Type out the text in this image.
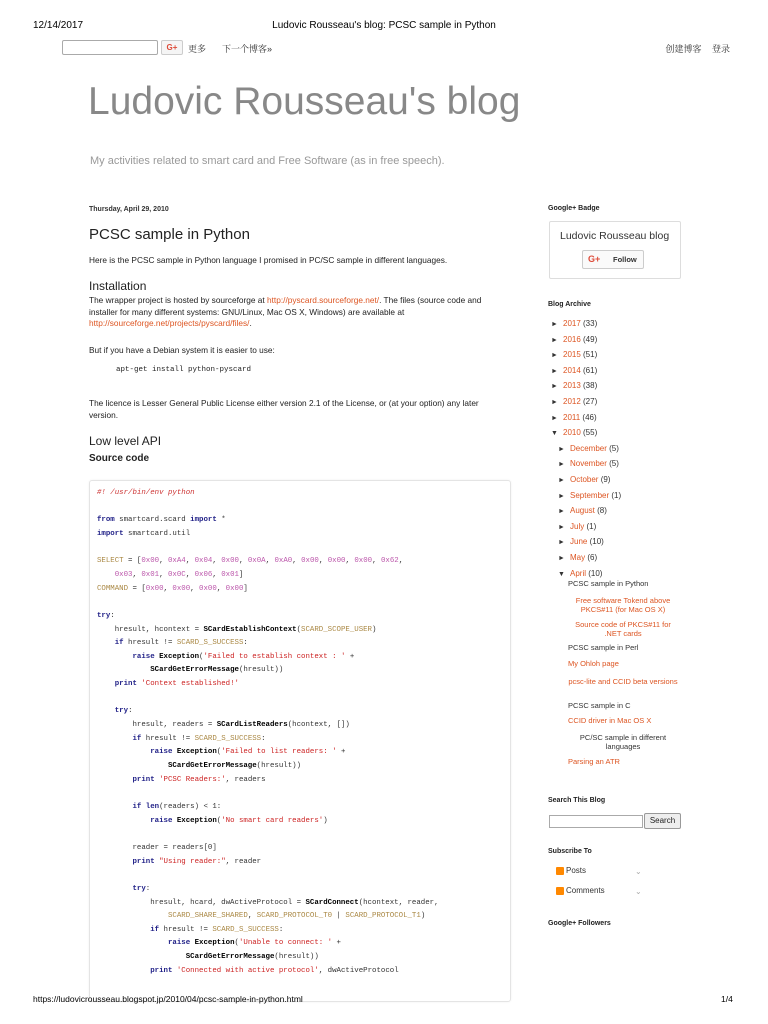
12/14/2017	Ludovic Rousseau's blog: PCSC sample in Python
G+	更多 下一个博客»	创建博客 登录
Ludovic Rousseau's blog
My activities related to smart card and Free Software (as in free speech).
Thursday, April 29, 2010
PCSC sample in Python
Here is the PCSC sample in Python language I promised in PC/SC sample in different languages.
Installation
The wrapper project is hosted by sourceforge at http://pyscard.sourceforge.net/. The files (source code and installer for many different systems: GNU/Linux, Mac OS X, Windows) are available at http://sourceforge.net/projects/pyscard/files/.
But if you have a Debian system it is easier to use:
apt-get install python-pyscard
The licence is Lesser General Public License either version 2.1 of the License, or (at your option) any later version.
Low level API
Source code
#! /usr/bin/env python
from smartcard.scard import *
import smartcard.util
SELECT = [0x00, 0xA4, 0x04, 0x00, 0x0A, 0xA0, 0x00, 0x00, 0x00, 0x62,
0x03, 0x01, 0x0C, 0x06, 0x01]
COMMAND = [0x00, 0x00, 0x00, 0x00]
try:
hresult, hcontext = SCardEstablishContext(SCARD_SCOPE_USER)
if hresult != SCARD_S_SUCCESS:
raise Exception('Failed to establish context : ' +
SCardGetErrorMessage(hresult))
print 'Context established!'
try:
hresult, readers = SCardListReaders(hcontext, [])
if hresult != SCARD_S_SUCCESS:
raise Exception('Failed to list readers: ' +
SCardGetErrorMessage(hresult))
print 'PCSC Readers:', readers
if len(readers) < 1:
raise Exception('No smart card readers')
reader = readers[0]
print "Using reader:", reader
try:
hresult, hcard, dwActiveProtocol = SCardConnect(hcontext, reader,
SCARD_SHARE_SHARED, SCARD_PROTOCOL_T0 | SCARD_PROTOCOL_T1)
if hresult != SCARD_S_SUCCESS:
raise Exception('Unable to connect: ' +
SCardGetErrorMessage(hresult))
print 'Connected with active protocol', dwActiveProtocol
Google+ Badge
Ludovic Rousseau blog
G+ Follow
Blog Archive
► 2017 (33)
► 2016 (49)
► 2015 (51)
► 2014 (61)
► 2013 (38)
► 2012 (27)
► 2011 (46)
▼ 2010 (55)
► December (5)
► November (5)
► October (9)
► September (1)
► August (8)
► July (1)
► June (10)
► May (6)
▼ April (10)
PCSC sample in Python
Free software Tokend above PKCS#11 (for Mac OS X)
Source code of PKCS#11 for .NET cards
PCSC sample in Perl
My Ohloh page
pcsc-lite and CCID beta versions
PCSC sample in C
CCID driver in Mac OS X
PC/SC sample in different languages
Parsing an ATR
Search This Blog
Search
Subscribe To
Posts	⌄
Comments	⌄
Google+ Followers
https://ludovicrousseau.blogspot.jp/2010/04/pcsc-sample-in-python.html	1/4
